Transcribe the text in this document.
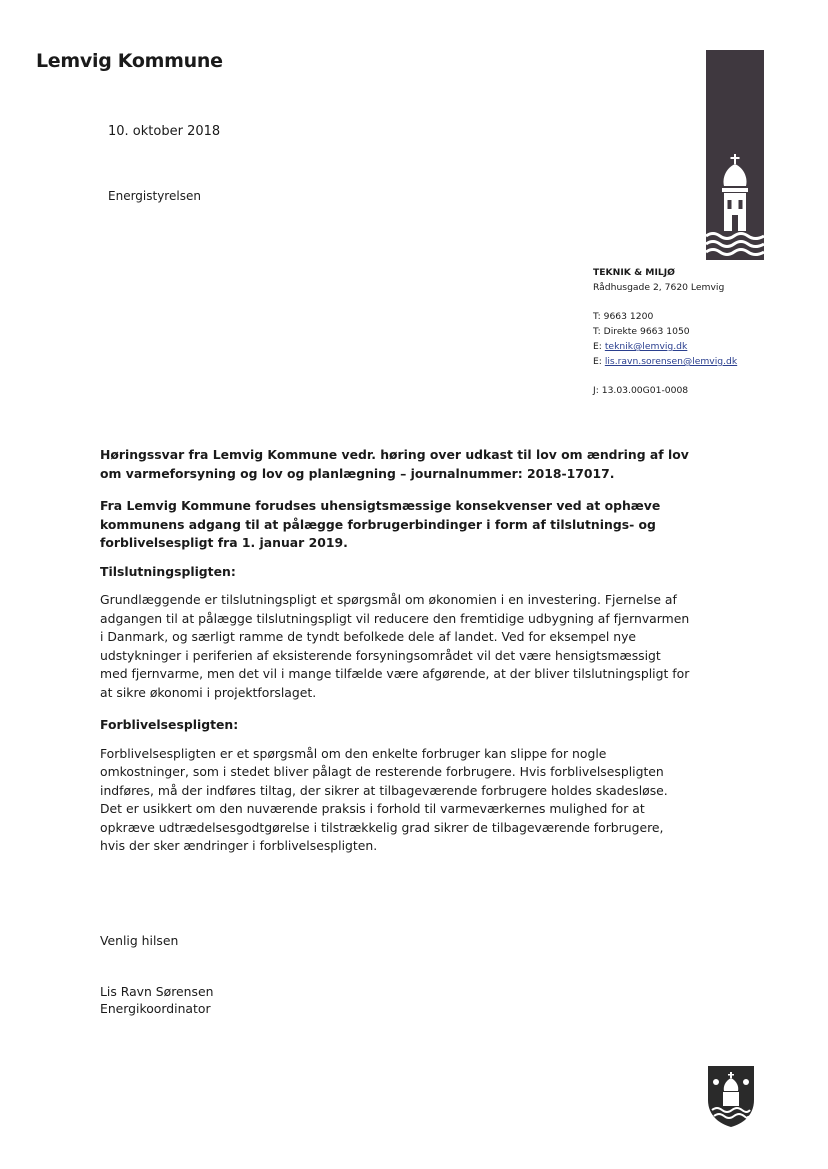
Lemvig Kommune
10. oktober 2018
Energistyrelsen
TEKNIK & MILJØ
Rådhusgade 2, 7620 Lemvig
T: 9663 1200
T: Direkte 9663 1050
E: teknik@lemvig.dk
E: lis.ravn.sorensen@lemvig.dk
J: 13.03.00G01-0008

Høringssvar fra Lemvig Kommune vedr. høring over udkast til lov om ændring af lov om varmeforsyning og lov og planlægning – journalnummer: 2018-17017.

Fra Lemvig Kommune forudses uhensigtsmæssige konsekvenser ved at ophæve kommunens adgang til at pålægge forbrugerbindinger i form af tilslutnings- og forblivelsespligt fra 1. januar 2019.

Tilslutningspligten:

Grundlæggende er tilslutningspligt et spørgsmål om økonomien i en investering. Fjernelse af adgangen til at pålægge tilslutningspligt vil reducere den fremtidige udbygning af fjernvarmen i Danmark, og særligt ramme de tyndt befolkede dele af landet. Ved for eksempel nye udstykninger i periferien af eksisterende forsyningsområdet vil det være hensigtsmæssigt med fjernvarme, men det vil i mange tilfælde være afgørende, at der bliver tilslutningspligt for at sikre økonomi i projektforslaget.

Forblivelsespligten:

Forblivelsespligten er et spørgsmål om den enkelte forbruger kan slippe for nogle omkostninger, som i stedet bliver pålagt de resterende forbrugere. Hvis forblivelsespligten indføres, må der indføres tiltag, der sikrer at tilbageværende forbrugere holdes skadesløse. Det er usikkert om den nuværende praksis i forhold til varmeværkernes mulighed for at opkræve udtrædelsesgodtgørelse i tilstrækkelig grad sikrer de tilbageværende forbrugere, hvis der sker ændringer i forblivelsespligten.

Venlig hilsen
Lis Ravn Sørensen
Energikoordinator
